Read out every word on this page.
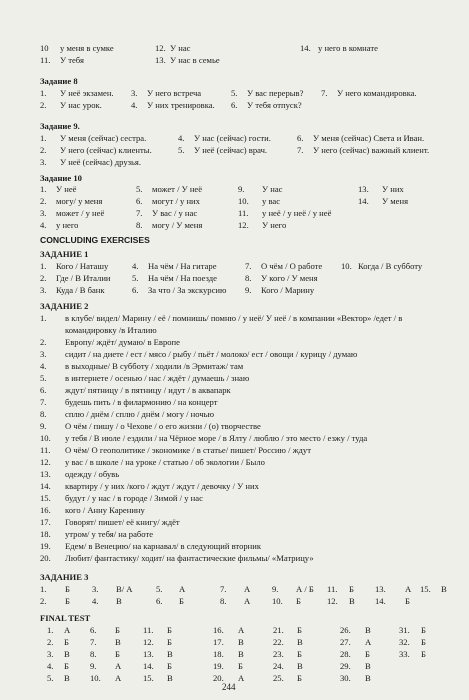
244
10 у меня в сумке	12. У нас	14. у него в комнате
11. У тебя	13. У нас в семье
Задание 8
1. У неё экзамен. 3. У него встреча	5. У вас перерыв? 7. У него командировка.
2. У нас урок.	4. У них тренировка. 6. У тебя отпуск?
Задание 9.
1. У меня (сейчас) сестра.	4. У нас (сейчас) гости.	6. У меня (сейчас) Света и Иван.
2. У него (сейчас) клиенты.	5. У неё (сейчас) врач.	7. У него (сейчас) важный клиент.
3. У неё (сейчас) друзья.
Задание 10
1. У неё	5. может / У неё	9. У нас	13. У них
2. могу/ у меня	6. могут / у них	10. у вас	14. У меня
3. может / у неё	7. У вас / у нас	11. у неё / у неё / у неё
4. у него	8. могу / У меня	12. У него
CONCLUDING EXERCISES
ЗАДАНИЕ 1
1. Кого / Наташу	4. На чём / На гитаре	7. О чём / О работе 10. Когда / В субботу
2. Где / В Италии 5. На чём / На поезде	8. У кого / У меня
3. Куда / В банк	6. За что / За экскурсию 9. Кого / Марину
ЗАДАНИЕ 2
1. в клубе/ видел/ Марину / её / помнишь/ помню / у неё/ У неё / в компании «Вектор» /едет / в
командировку /в Италию
2. Европу/ ждёт/ думаю/ в Европе
3. сидит / на диете / ест / мясо / рыбу / пьёт / молоко/ ест / овощи / курицу / думаю
4. в выходные/ В субботу / ходили /в Эрмитаж/ там
5. в интернете / осенью / нас / ждёт / думаешь / знаю
6. ждут/ пятницу / в пятницу / идут / в аквапарк
7. будешь пить / в филармонию / на концерт
8. сплю / днём / сплю / днём / могу / ночью
9. О чём / пишу / о Чехове / о его жизни / (о) творчестве
10. у тебя / В июле / ездили / на Чёрное море / в Ялту / люблю / это место / езжу / туда
11. О чём/ О геополитике / экономике / в статье/ пишет/ Россию / ждут
12. у вас / в школе / на уроке / статью / об экологии / Было
13. одежду / обувь
14. квартиру / у них /кого / ждут / ждут / девочку / У них
15. будут / у нас / в городе / Зимой / у нас
16. кого / Анну Каренину
17. Говорят/ пишет/ её книгу/ ждёт
18. утром/ у тебя/ на работе
19. Едем/ в Венецию/ на карнавал/ в следующий вторник
20. Любит/ фантастику/ ходит/ на фантастические фильмы/ «Матрицу»
ЗАДАНИЕ 3
1. Б	3. В/ А	5. А	7. А	9. А / Б 11. Б 13. А 15. В
2. Б	4. В	6. Б	8. А	10. Б	12. В 14. Б
FINAL TEST
1. А 6. Б	11. Б	16. А	21. Б	26. В	31. Б
2. Б 7. В	12. Б	17. В	22. В	27. А	32. Б
3. В 8. Б	13. В	18. В	23. Б	28. Б	33. Б
4. Б 9. А	14. Б	19. Б	24. В	29. В
5. В 10. А	15. В	20. А	25. Б	30. В
